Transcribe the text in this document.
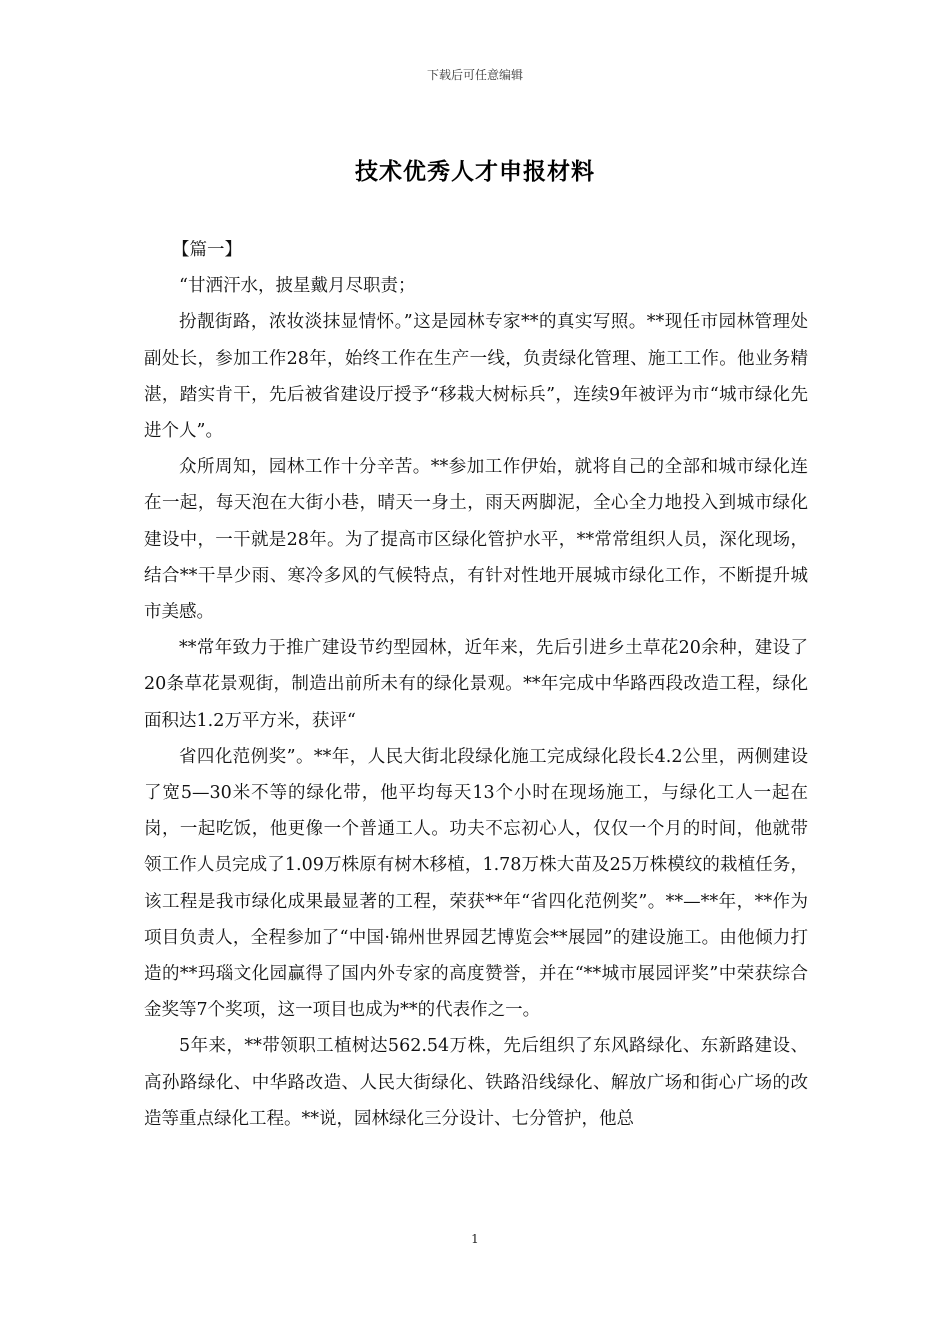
下载后可任意编辑
技术优秀人才申报材料

【篇一】

“甘洒汗水，披星戴月尽职责；

扮靓街路，浓妆淡抹显情怀。”这是园林专家**的真实写照。**现任市园林管理处副处长，参加工作28年，始终工作在生产一线，负责绿化管理、施工工作。他业务精湛，踏实肯干，先后被省建设厅授予“移栽大树标兵”，连续9年被评为市“城市绿化先进个人”。

众所周知，园林工作十分辛苦。**参加工作伊始，就将自己的全部和城市绿化连在一起，每天泡在大街小巷，晴天一身土，雨天两脚泥，全心全力地投入到城市绿化建设中，一干就是28年。为了提高市区绿化管护水平，**常常组织人员，深化现场，结合**干旱少雨、寒冷多风的气候特点，有针对性地开展城市绿化工作，不断提升城市美感。

**常年致力于推广建设节约型园林，近年来，先后引进乡土草花20余种，建设了20条草花景观街，制造出前所未有的绿化景观。**年完成中华路西段改造工程，绿化面积达1.2万平方米，获评“

省四化范例奖”。**年，人民大街北段绿化施工完成绿化段长4.2公里，两侧建设了宽5—30米不等的绿化带，他平均每天13个小时在现场施工，与绿化工人一起在岗，一起吃饭，他更像一个普通工人。功夫不忘初心人，仅仅一个月的时间，他就带领工作人员完成了1.09万株原有树木移植，1.78万株大苗及25万株模纹的栽植任务，该工程是我市绿化成果最显著的工程，荣获**年“省四化范例奖”。**—**年，**作为项目负责人，全程参加了“中国·锦州世界园艺博览会**展园”的建设施工。由他倾力打造的**玛瑙文化园赢得了国内外专家的高度赞誉，并在“**城市展园评奖”中荣获综合金奖等7个奖项，这一项目也成为**的代表作之一。

5年来，**带领职工植树达562.54万株，先后组织了东风路绿化、东新路建设、高孙路绿化、中华路改造、人民大街绿化、铁路沿线绿化、解放广场和街心广场的改造等重点绿化工程。**说，园林绿化三分设计、七分管护，他总

1
